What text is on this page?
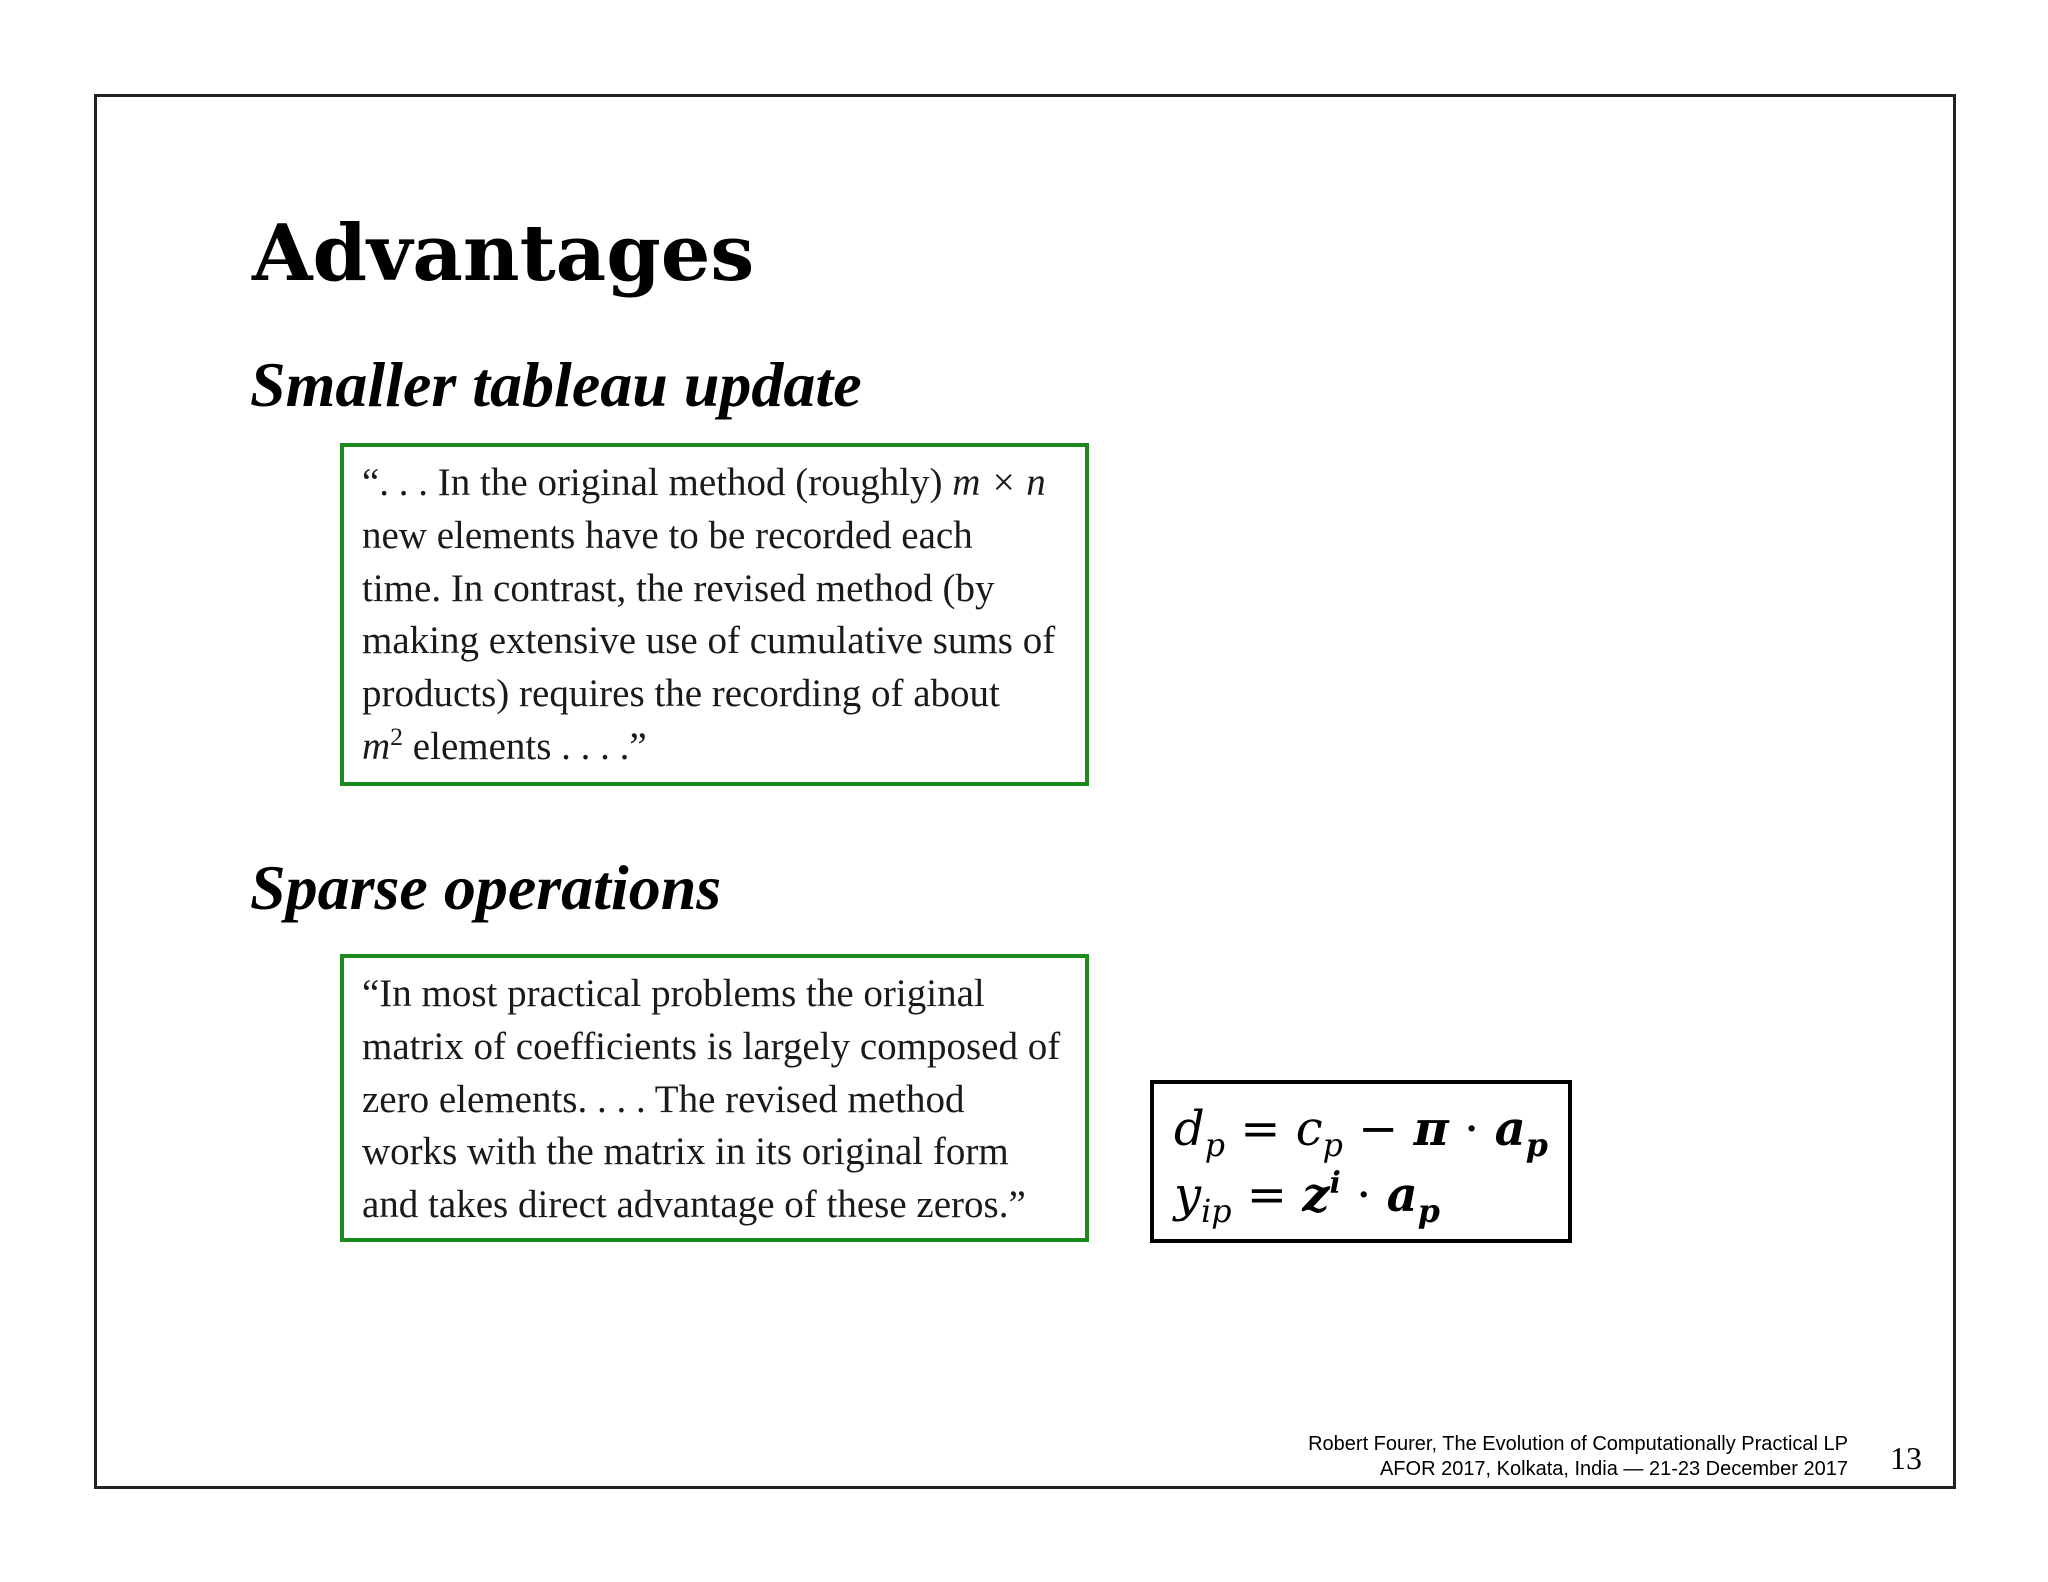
Advantages
Smaller tableau update
“. . . In the original method (roughly) m × n
new elements have to be recorded each
time. In contrast, the revised method (by
making extensive use of cumulative sums of
products) requires the recording of about
$m^2$ elements . . . .”
Sparse operations
“In most practical problems the original
matrix of coefficients is largely composed of
zero elements. . . . The revised method
works with the matrix in its original form
and takes direct advantage of these zeros.”
$d_p = c_p - \pi \cdot a_p$
$y_{ip} = z^i \cdot a_p$
Robert Fourer, The Evolution of Computationally Practical LP
AFOR 2017, Kolkata, India — 21-23 December 2017 13
